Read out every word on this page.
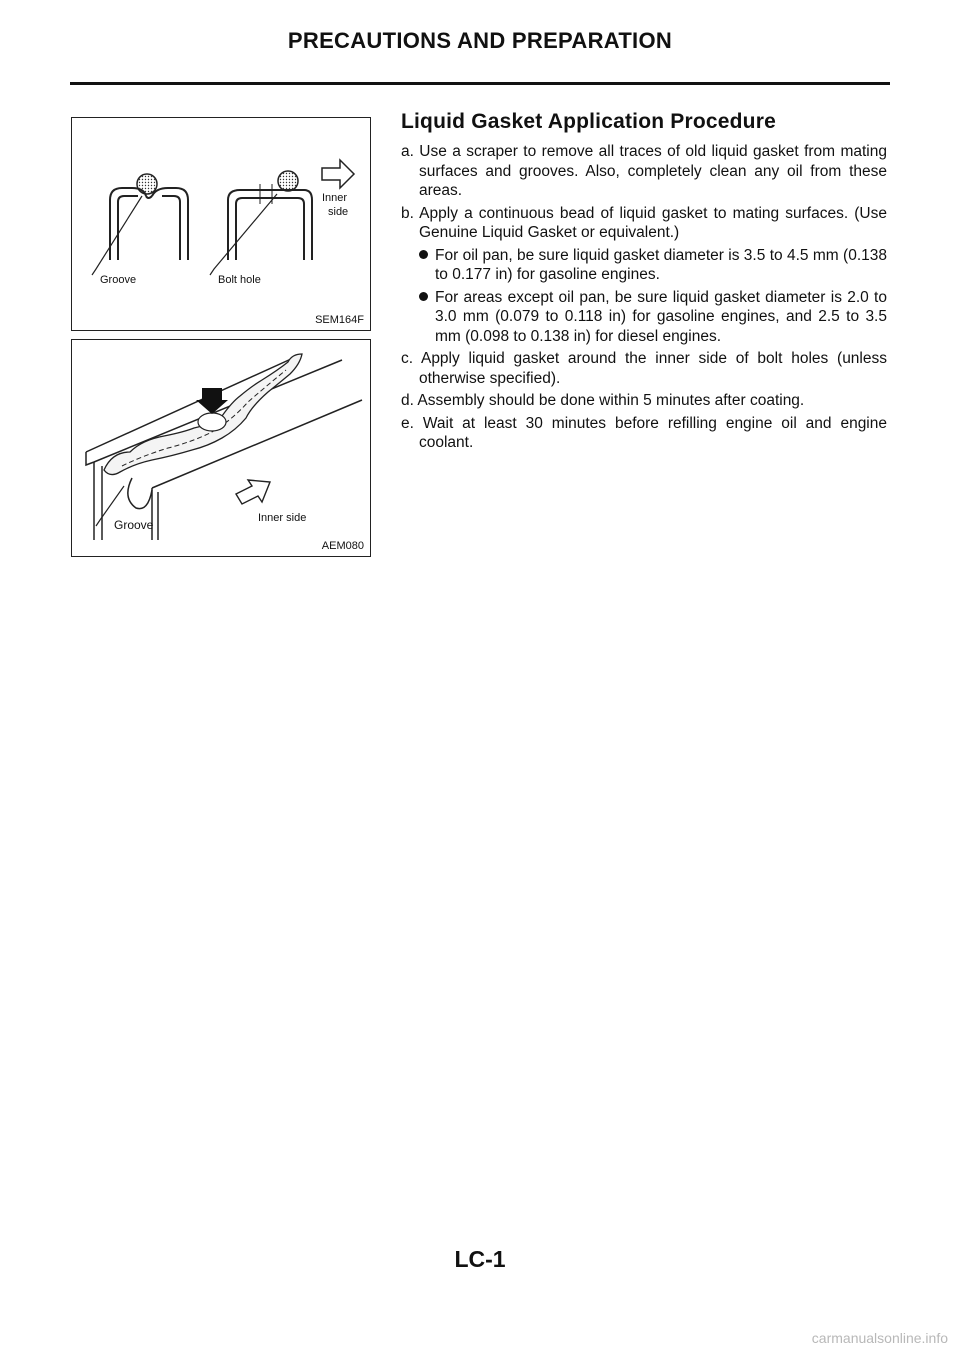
PRECAUTIONS AND PREPARATION
Groove	Bolt hole
Inner
side
SEM164F
Groove	Inner side
AEM080
Liquid Gasket Application Procedure
a. Use a scraper to remove all traces of old liquid gasket from mating surfaces and grooves. Also, completely clean any oil from these areas.
b. Apply a continuous bead of liquid gasket to mating surfaces. (Use Genuine Liquid Gasket or equivalent.)
For oil pan, be sure liquid gasket diameter is 3.5 to 4.5 mm (0.138 to 0.177 in) for gasoline engines.
For areas except oil pan, be sure liquid gasket diameter is 2.0 to 3.0 mm (0.079 to 0.118 in) for gasoline engines, and 2.5 to 3.5 mm (0.098 to 0.138 in) for diesel engines.
c. Apply liquid gasket around the inner side of bolt holes (unless otherwise specified).
d. Assembly should be done within 5 minutes after coating.
e. Wait at least 30 minutes before refilling engine oil and engine coolant.
LC-1
carmanualsonline.info
